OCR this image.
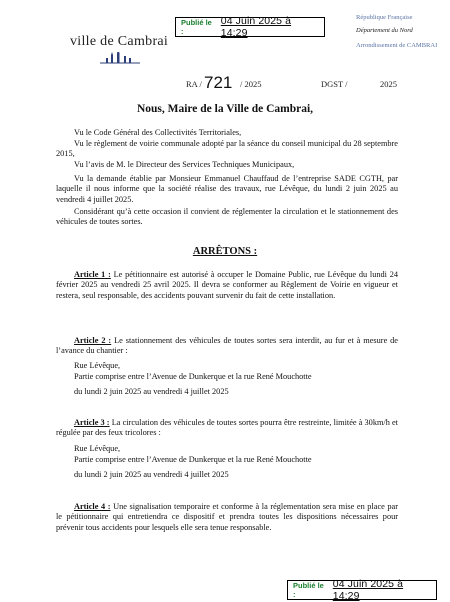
Publié le :
04 Juin 2025 à 14:29
ville de Cambrai
République Française
Département du Nord
Arrondissement de CAMBRAI
RA / 721 / 2025	DGST /	2025
Nous, Maire de la Ville de Cambrai,

Vu le Code Général des Collectivités Territoriales,

Vu le règlement de voirie communale adopté par la séance du conseil municipal du 28 septembre 2015,

Vu l’avis de M. le Directeur des Services Techniques Municipaux,

Vu la demande établie par Monsieur Emmanuel Chauffaud de l’entreprise SADE CGTH, par laquelle il nous informe que la société réalise des travaux, rue Lévêque, du lundi 2 juin 2025 au vendredi 4 juillet 2025.

Considérant qu’à cette occasion il convient de réglementer la circulation et le stationnement des véhicules de toutes sortes.

ARRÊTONS :

Article 1 : Le pétitionnaire est autorisé à occuper le Domaine Public, rue Lévêque du lundi 24 février 2025 au vendredi 25 avril 2025. Il devra se conformer au Règlement de Voirie en vigueur et restera, seul responsable, des accidents pouvant survenir du fait de cette installation.

Article 2 : Le stationnement des véhicules de toutes sortes sera interdit, au fur et à mesure de l’avance du chantier :

Rue Lévêque,
Partie comprise entre l’Avenue de Dunkerque et la rue René Mouchotte
du lundi 2 juin 2025 au vendredi 4 juillet 2025

Article 3 : La circulation des véhicules de toutes sortes pourra être restreinte, limitée à 30km/h et régulée par des feux tricolores :

Rue Lévêque,
Partie comprise entre l’Avenue de Dunkerque et la rue René Mouchotte
du lundi 2 juin 2025 au vendredi 4 juillet 2025

Article 4 : Une signalisation temporaire et conforme à la réglementation sera mise en place par le pétitionnaire qui entretiendra ce dispositif et prendra toutes les dispositions nécessaires pour prévenir tous accidents pour lesquels elle sera tenue responsable.

Publié le :
04 Juin 2025 à 14:29
